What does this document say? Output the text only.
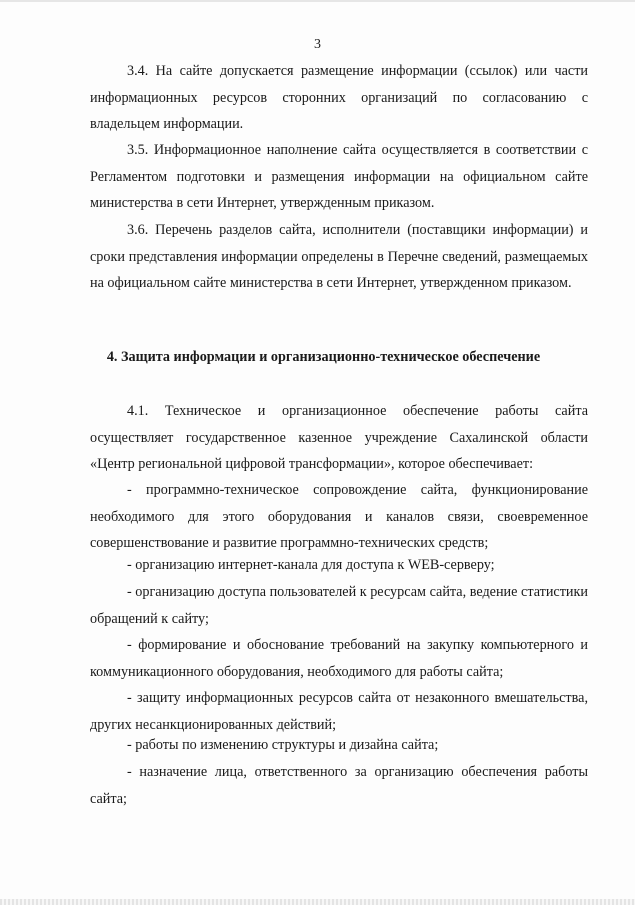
3

3.4. На сайте допускается размещение информации (ссылок) или части информационных ресурсов сторонних организаций по согласованию с владельцем информации.

3.5. Информационное наполнение сайта осуществляется в соответствии с Регламентом подготовки и размещения информации на официальном сайте министерства в сети Интернет, утвержденным приказом.

3.6. Перечень разделов сайта, исполнители (поставщики информации) и сроки представления информации определены в Перечне сведений, размещаемых на официальном сайте министерства в сети Интернет, утвержденном приказом.

4. Защита информации и организационно-техническое обеспечение

4.1. Техническое и организационное обеспечение работы сайта осуществляет государственное казенное учреждение Сахалинской области «Центр региональной цифровой трансформации», которое обеспечивает:

- программно-техническое сопровождение сайта, функционирование необходимого для этого оборудования и каналов связи, своевременное совершенствование и развитие программно-технических средств;

- организацию интернет-канала для доступа к WEB-серверу;

- организацию доступа пользователей к ресурсам сайта, ведение статистики обращений к сайту;

- формирование и обоснование требований на закупку компьютерного и коммуникационного оборудования, необходимого для работы сайта;

- защиту информационных ресурсов сайта от незаконного вмешательства, других несанкционированных действий;

- работы по изменению структуры и дизайна сайта;

- назначение лица, ответственного за организацию обеспечения работы сайта;
